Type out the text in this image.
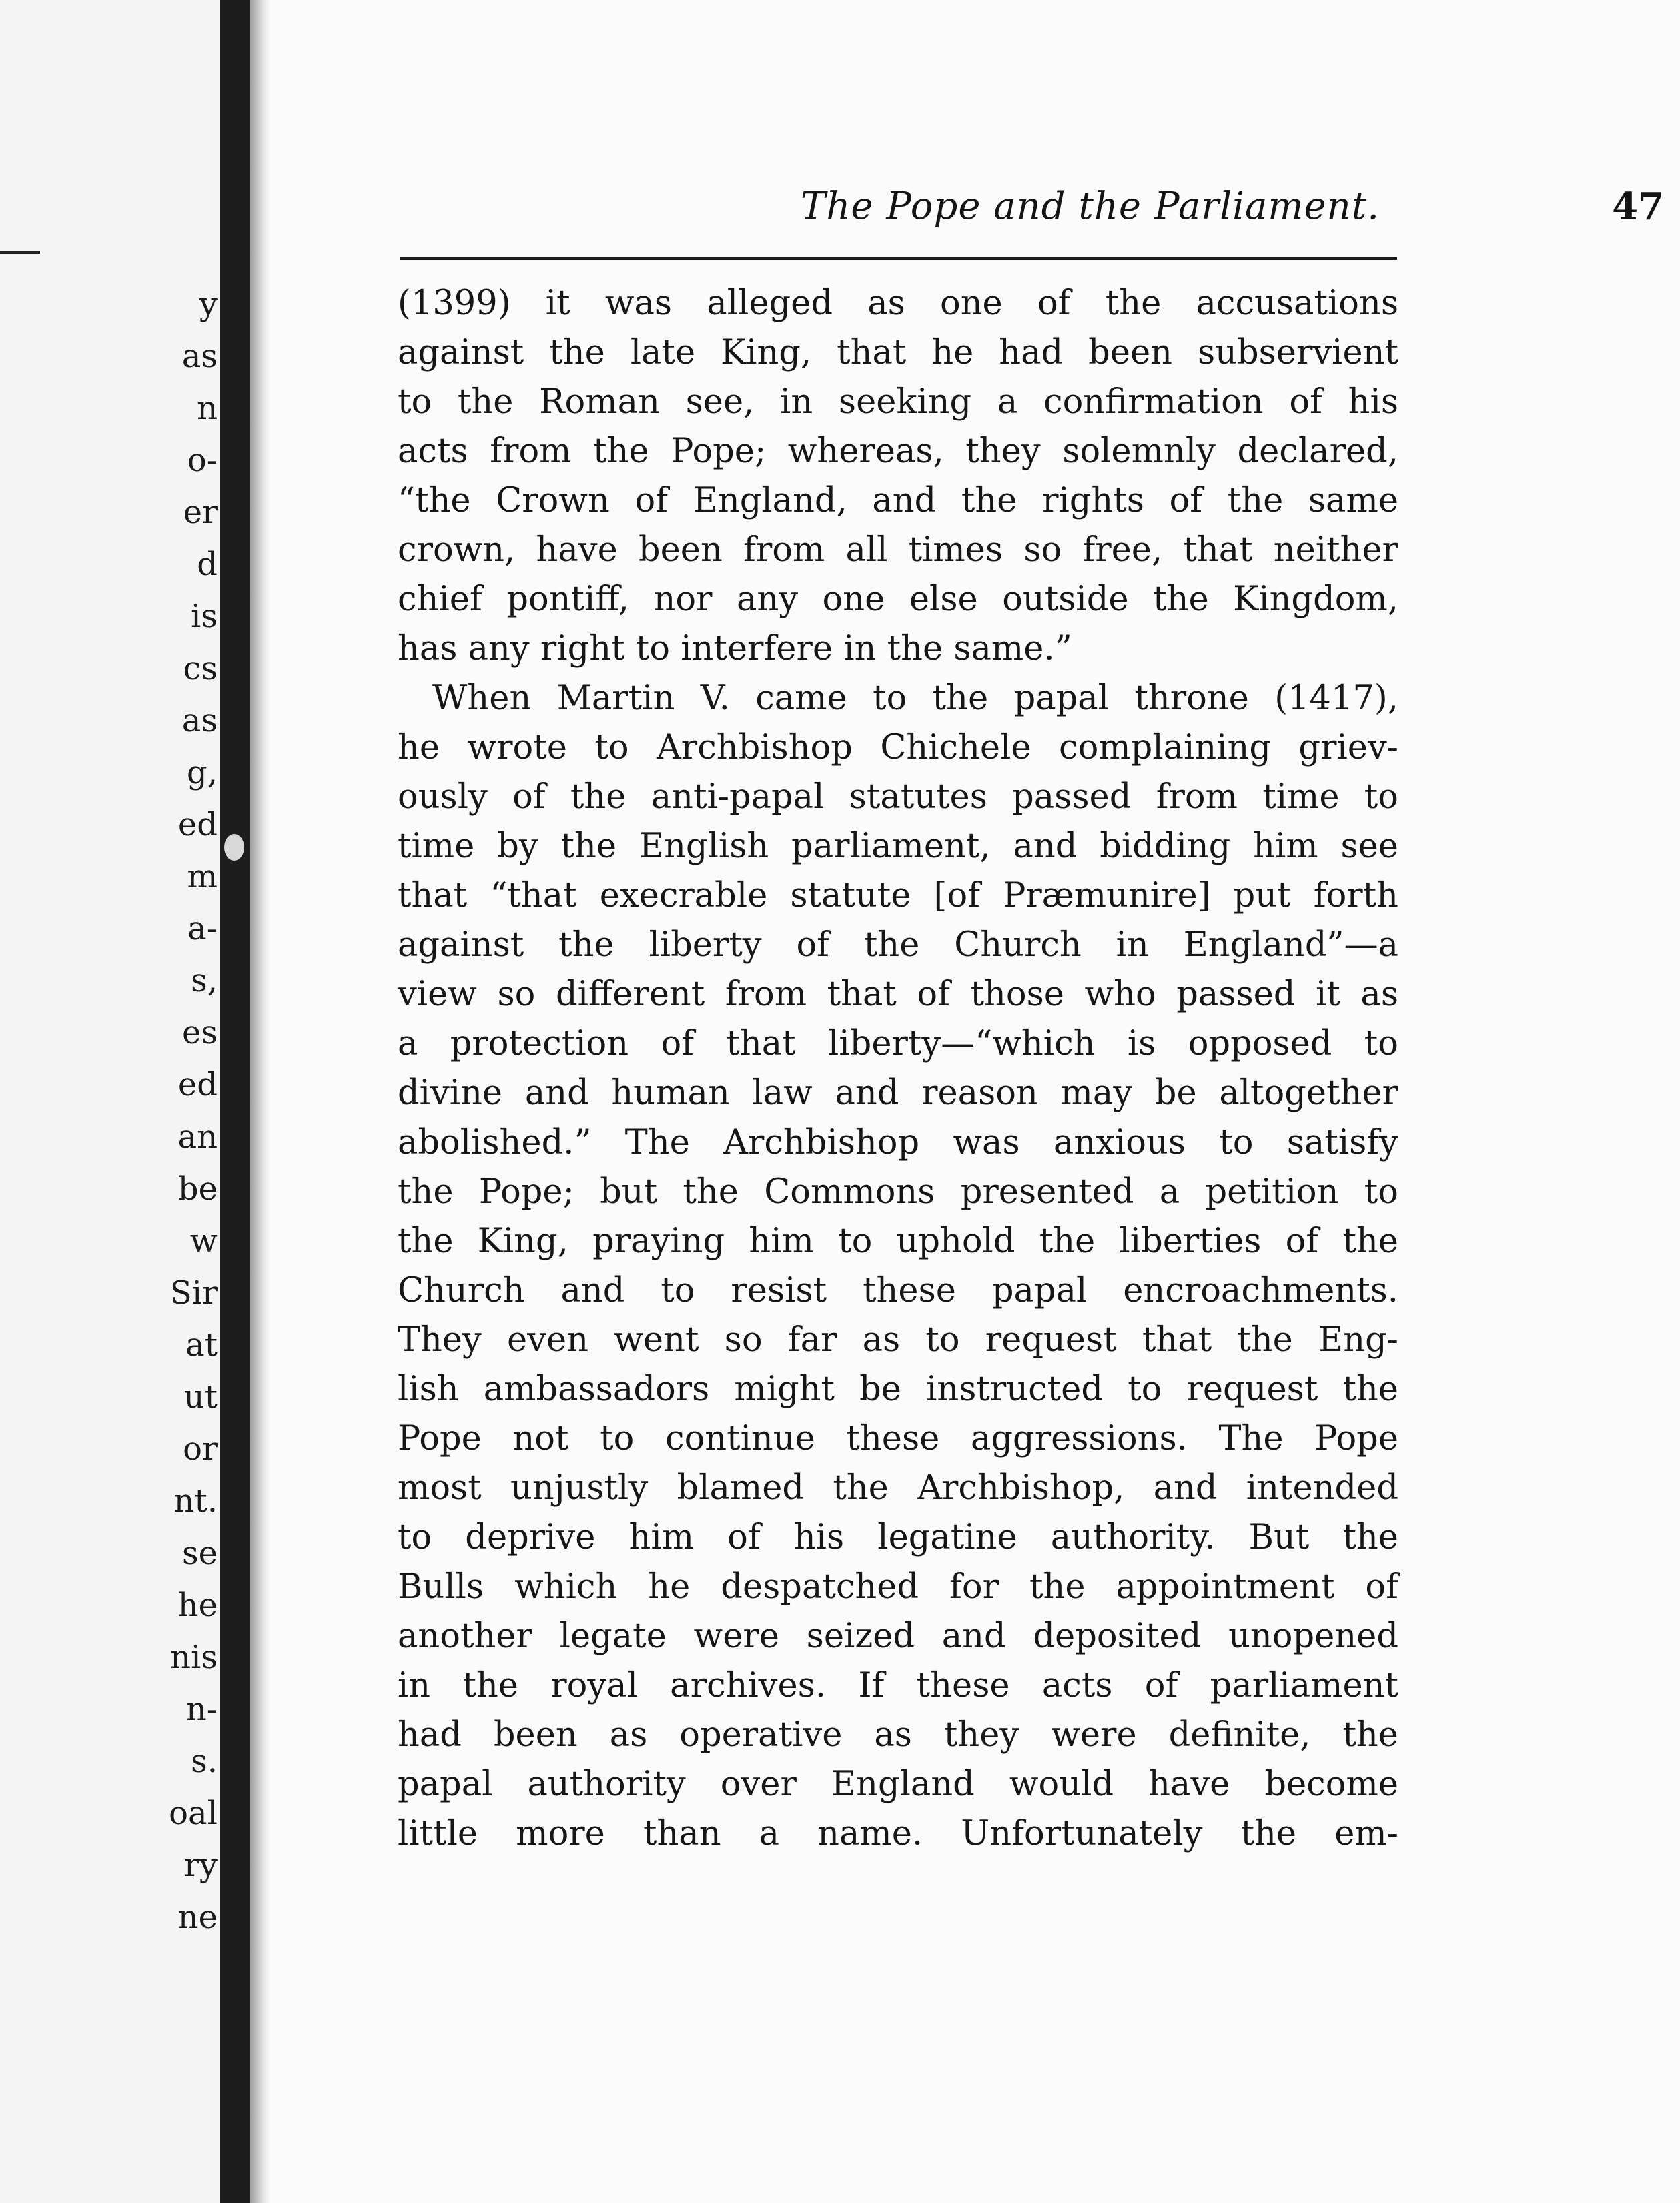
y
as
n
o-
er
d
is
cs
as
g,
ed
m
a-
s,
es
ed
an
be
w
Sir
at
ut
or
nt.
se
he
nis
n-
s.
oal
ry
ne
The Pope and the Parliament.	47
(1399) it was alleged as one of the accusations
against the late King, that he had been subservient
to the Roman see, in seeking a confirmation of his
acts from the Pope; whereas, they solemnly declared,
“the Crown of England, and the rights of the same
crown, have been from all times so free, that neither
chief pontiff, nor any one else outside the Kingdom,
has any right to interfere in the same.”
When Martin V. came to the papal throne (1417),
he wrote to Archbishop Chichele complaining griev-
ously of the anti-papal statutes passed from time to
time by the English parliament, and bidding him see
that “that execrable statute [of Præmunire] put forth
against the liberty of the Church in England”—a
view so different from that of those who passed it as
a protection of that liberty—“which is opposed to
divine and human law and reason may be altogether
abolished.” The Archbishop was anxious to satisfy
the Pope; but the Commons presented a petition to
the King, praying him to uphold the liberties of the
Church and to resist these papal encroachments.
They even went so far as to request that the Eng-
lish ambassadors might be instructed to request the
Pope not to continue these aggressions. The Pope
most unjustly blamed the Archbishop, and intended
to deprive him of his legatine authority. But the
Bulls which he despatched for the appointment of
another legate were seized and deposited unopened
in the royal archives. If these acts of parliament
had been as operative as they were definite, the
papal authority over England would have become
little more than a name. Unfortunately the em-
